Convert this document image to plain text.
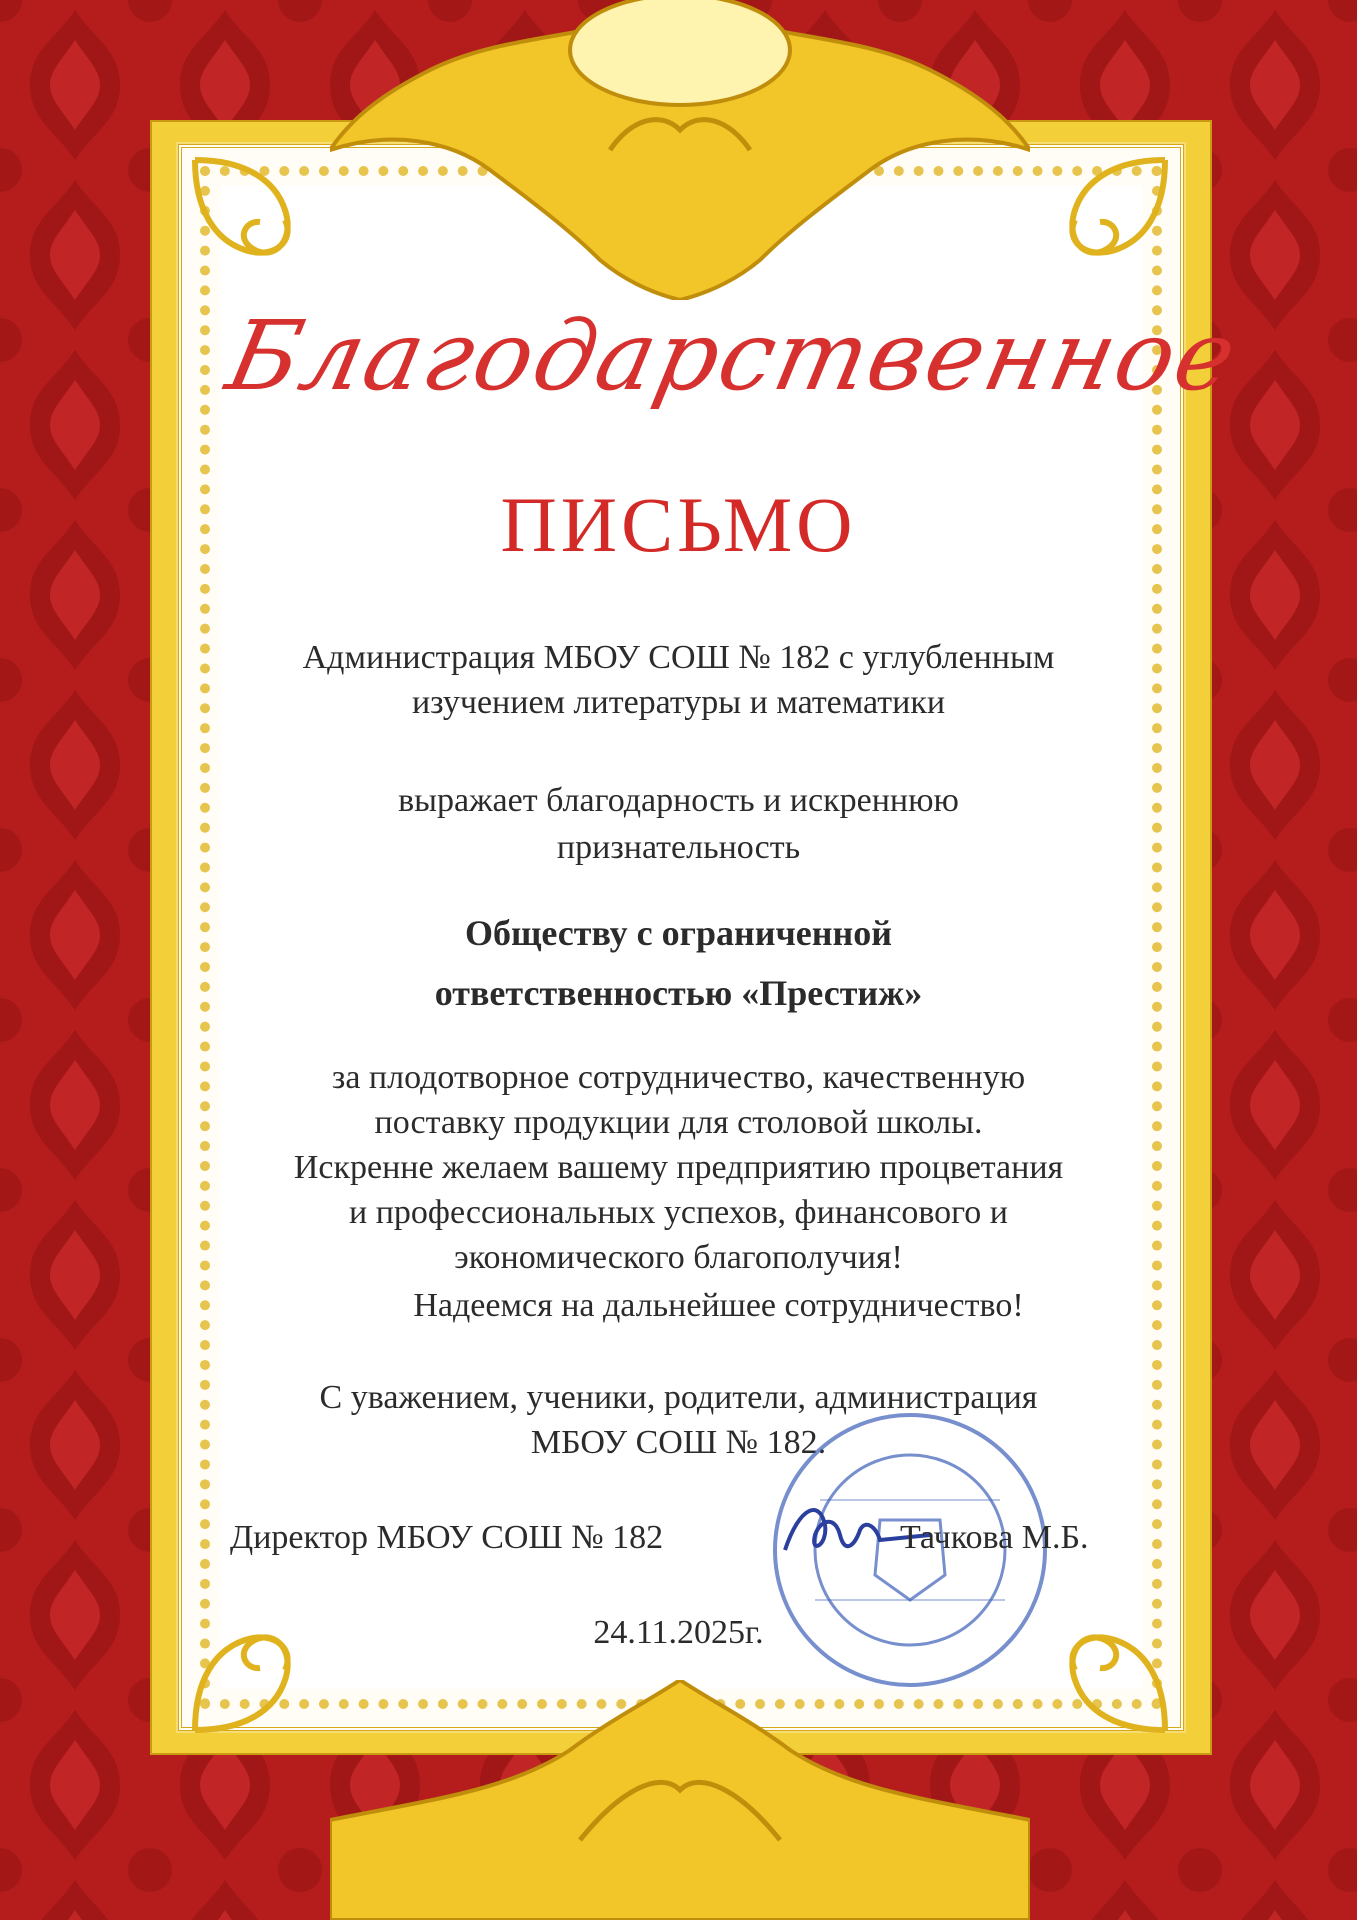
Благодарственное
ПИСЬМО
Администрация МБОУ СОШ № 182 с углубленным
изучением литературы и математики
выражает благодарность и искреннюю
признательность
Обществу с ограниченной
ответственностью «Престиж»
за плодотворное сотрудничество, качественную
поставку продукции для столовой школы.
Искренне желаем вашему предприятию процветания
и профессиональных успехов, финансового и
экономического благополучия!
Надеемся на дальнейшее сотрудничество!
С уважением, ученики, родители, администрация
МБОУ СОШ № 182.
Директор МБОУ СОШ № 182	Тачкова М.Б.
24.11.2025г.
